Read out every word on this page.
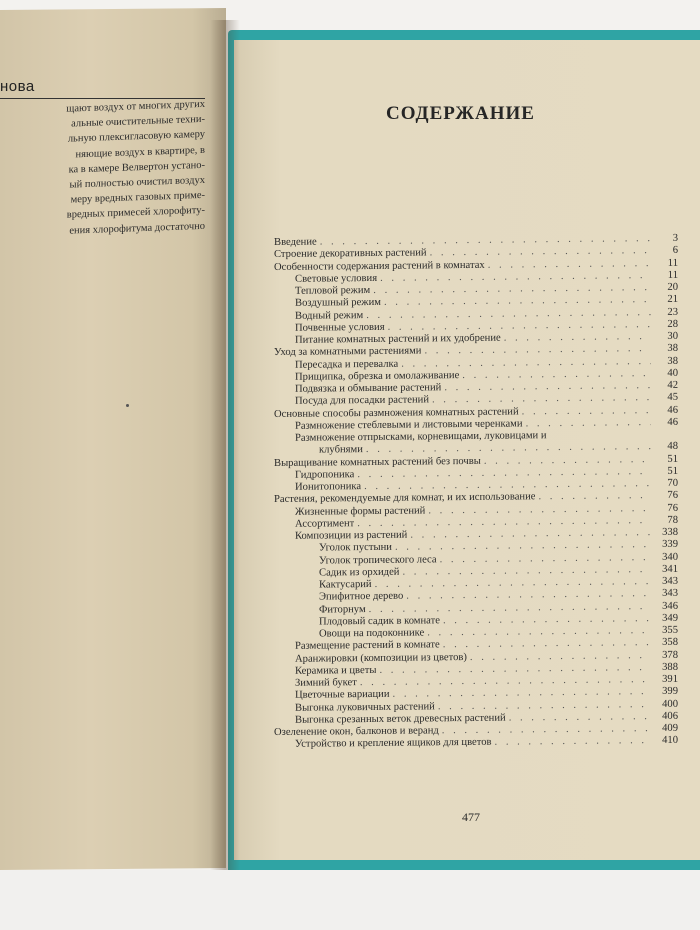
нова
щают воздух от многих других
альные очистительные техни-
льную плексигласовую камеру
няющие воздух в квартире, в
ка в камере Велвертон устано-
ый полностью очистил воздух
меру вредных газовых приме-
вредных примесей хлорофиту-
ения хлорофитума достаточно
СОДЕРЖАНИЕ
Введение . . .	3
Строение декоративных растений . . .	6
Особенности содержания растений в комнатах . . .	11
Световые условия . . .	11
Тепловой режим . . .	20
Воздушный режим . . .	21
Водный режим . . .	23
Почвенные условия . . .	28
Питание комнатных растений и их удобрение . . .	30
Уход за комнатными растениями . . .	38
Пересадка и перевалка . . .	38
Прищипка, обрезка и омолаживание . . .	40
Подвязка и обмывание растений . . .	42
Посуда для посадки растений . . .	45
Основные способы размножения комнатных растений . . .	46
Размножение стеблевыми и листовыми черенками . . .	46
Размножение отпрысками, корневищами, луковицами и
клубнями . . .	48
Выращивание комнатных растений без почвы . . .	51
Гидропоника . . .	51
Ионитопоника . . .	70
Растения, рекомендуемые для комнат, и их использование . . .	76
Жизненные формы растений . . .	76
Ассортимент . . .	78
Композиции из растений . . .	338
Уголок пустыни . . .	339
Уголок тропического леса . . .	340
Садик из орхидей . . .	341
Кактусарий . . .	343
Эпифитное дерево . . .	343
Фиторнум . . .	346
Плодовый садик в комнате . . .	349
Овощи на подоконнике . . .	355
Размещение растений в комнате . . .	358
Аранжировки (композиции из цветов) . . .	378
Керамика и цветы . . .	388
Зимний букет . . .	391
Цветочные вариации . . .	399
Выгонка луковичных растений . . .	400
Выгонка срезанных веток древесных растений . . .	406
Озеленение окон, балконов и веранд . . .	409
Устройство и крепление ящиков для цветов . . .	410
477
